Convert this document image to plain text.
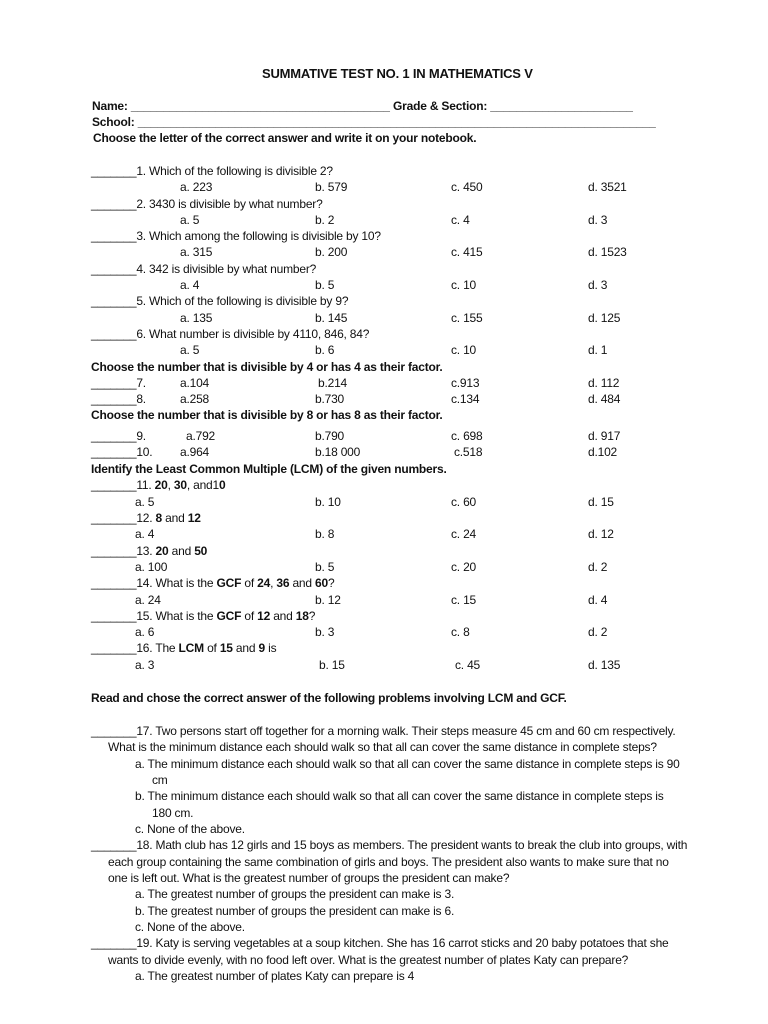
SUMMATIVE TEST NO. 1 IN MATHEMATICS V
Name: ________________________________________ Grade & Section: ______________________
School: ________________________________________________________________________________
Choose the letter of the correct answer and write it on your notebook.
_______1. Which of the following is divisible 2?
a. 223	b. 579	c. 450	d. 3521
_______2. 3430 is divisible by what number?
a. 5	b. 2	c. 4	d. 3
_______3. Which among the following is divisible by 10?
a. 315	b. 200	c. 415	d. 1523
_______4. 342 is divisible by what number?
a. 4	b. 5	c. 10	d. 3
_______5. Which of the following is divisible by 9?
a. 135	b. 145	c. 155	d. 125
_______6. What number is divisible by 4110, 846, 84?
a. 5	b. 6	c. 10	d. 1
Choose the number that is divisible by 4 or has 4 as their factor.
_______7.	a.104	b.214	c.913	d. 112
_______8.	a.258	b.730	c.134	d. 484
Choose the number that is divisible by 8 or has 8 as their factor.
_______9.	a.792	b.790	c. 698	d. 917
_______10. a.964	b.18 000	c.518	d.102
Identify the Least Common Multiple (LCM) of the given numbers.
_______11. 20, 30, and10
a. 5	b. 10	c. 60	d. 15
_______12. 8 and 12
a. 4	b. 8	c. 24	d. 12
_______13. 20 and 50
a. 100	b. 5	c. 20	d. 2
_______14. What is the GCF of 24, 36 and 60?
a. 24	b. 12	c. 15	d. 4
_______15. What is the GCF of 12 and 18?
a. 6	b. 3	c. 8	d. 2
_______16. The LCM of 15 and 9 is
a. 3	b. 15	c. 45	d. 135
Read and chose the correct answer of the following problems involving LCM and GCF.
_______17. Two persons start off together for a morning walk. Their steps measure 45 cm and 60 cm respectively.
What is the minimum distance each should walk so that all can cover the same distance in complete steps?
a. The minimum distance each should walk so that all can cover the same distance in complete steps is 90
cm
b. The minimum distance each should walk so that all can cover the same distance in complete steps is
180 cm.
c. None of the above.
_______18. Math club has 12 girls and 15 boys as members. The president wants to break the club into groups, with
each group containing the same combination of girls and boys. The president also wants to make sure that no
one is left out. What is the greatest number of groups the president can make?
a. The greatest number of groups the president can make is 3.
b. The greatest number of groups the president can make is 6.
c. None of the above.
_______19. Katy is serving vegetables at a soup kitchen. She has 16 carrot sticks and 20 baby potatoes that she
wants to divide evenly, with no food left over. What is the greatest number of plates Katy can prepare?
a. The greatest number of plates Katy can prepare is 4
